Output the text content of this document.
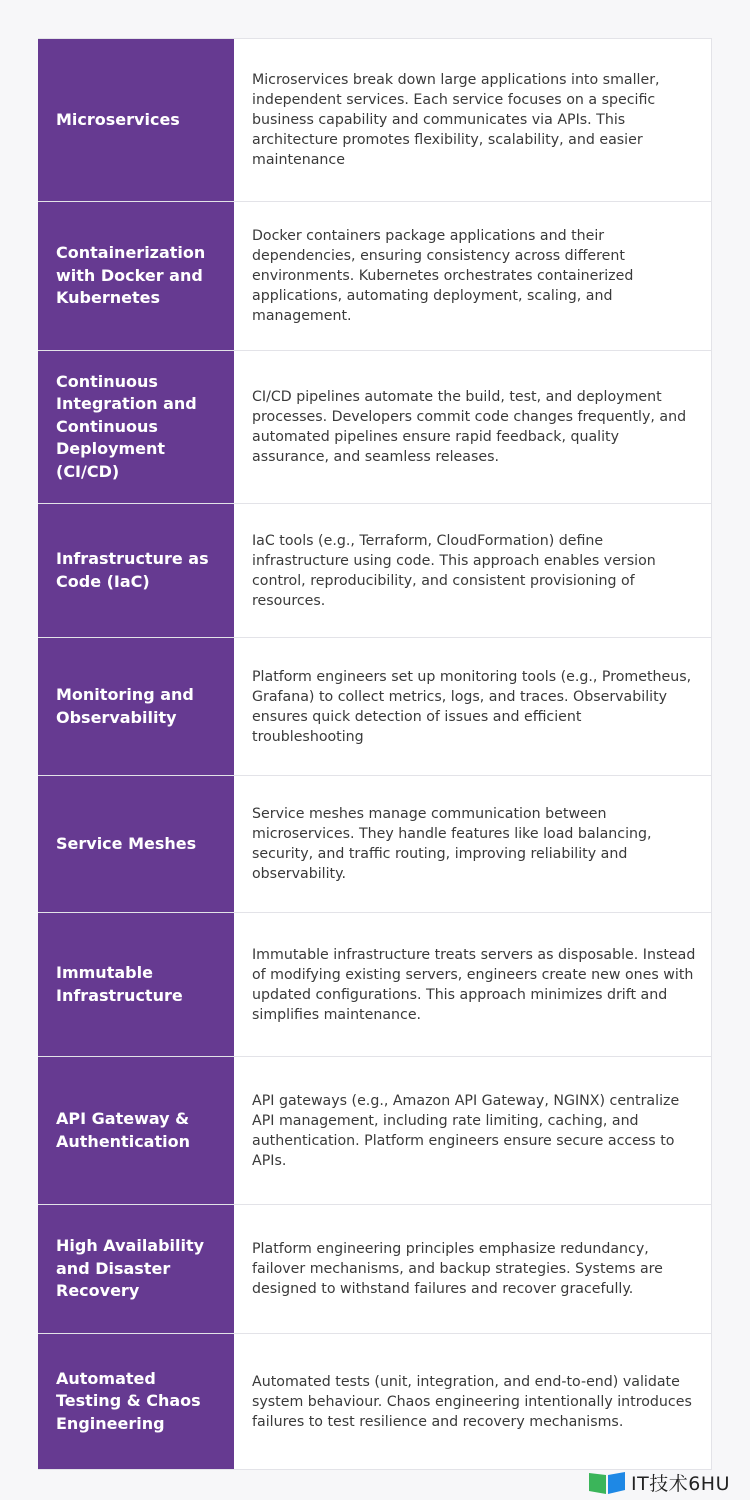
Microservices
Microservices break down large applications into smaller, independent services. Each service focuses on a specific business capability and communicates via APIs. This architecture promotes flexibility, scalability, and easier maintenance
Containerization with Docker and Kubernetes
Docker containers package applications and their dependencies, ensuring consistency across different environments. Kubernetes orchestrates containerized applications, automating deployment, scaling, and management.
Continuous Integration and Continuous Deployment (CI/CD)
CI/CD pipelines automate the build, test, and deployment processes. Developers commit code changes frequently, and automated pipelines ensure rapid feedback, quality assurance, and seamless releases.
Infrastructure as Code (IaC)
IaC tools (e.g., Terraform, CloudFormation) define infrastructure using code. This approach enables version control, reproducibility, and consistent provisioning of resources.
Monitoring and Observability
Platform engineers set up monitoring tools (e.g., Prometheus, Grafana) to collect metrics, logs, and traces. Observability ensures quick detection of issues and efficient troubleshooting
Service Meshes
Service meshes manage communication between microservices. They handle features like load balancing, security, and traffic routing, improving reliability and observability.
Immutable Infrastructure
Immutable infrastructure treats servers as disposable. Instead of modifying existing servers, engineers create new ones with updated configurations. This approach minimizes drift and simplifies maintenance.
API Gateway & Authentication
API gateways (e.g., Amazon API Gateway, NGINX) centralize API management, including rate limiting, caching, and authentication. Platform engineers ensure secure access to APIs.
High Availability and Disaster Recovery
Platform engineering principles emphasize redundancy, failover mechanisms, and backup strategies. Systems are designed to withstand failures and recover gracefully.
Automated Testing & Chaos Engineering
Automated tests (unit, integration, and end-to-end) validate system behaviour. Chaos engineering intentionally introduces failures to test resilience and recovery mechanisms.
IT技术6HU
